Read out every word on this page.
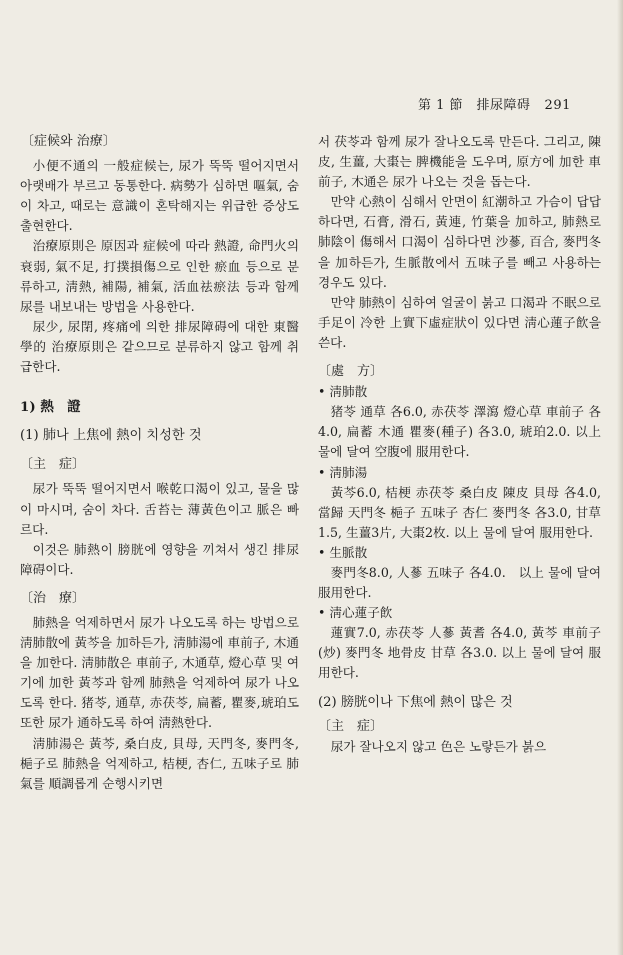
第 1 節　排尿障碍 291
〔症候와 治療〕

小便不通의 一般症候는, 尿가 뚝뚝 떨어지면서 아랫배가 부르고 동통한다. 病勢가 심하면 嘔氣, 숨이 차고, 때로는 意識이 혼탁해지는 위급한 증상도 출현한다.

治療原則은 原因과 症候에 따라 熱證, 命門火의 衰弱, 氣不足, 打撲損傷으로 인한 瘀血 등으로 분류하고, 淸熱, 補陽, 補氣, 活血祛瘀法 등과 함께 尿를 내보내는 방법을 사용한다.

尿少, 尿閉, 疼痛에 의한 排尿障碍에 대한 東醫學的 治療原則은 같으므로 분류하지 않고 함께 취급한다.

1) 熱　證
(1) 肺나 上焦에 熱이 치성한 것
〔主　症〕

尿가 뚝뚝 떨어지면서 喉乾口渴이 있고, 물을 많이 마시며, 숨이 차다. 舌苔는 薄黃色이고 脈은 빠르다.

이것은 肺熱이 膀胱에 영향을 끼쳐서 생긴 排尿障碍이다.

〔治　療〕

肺熱을 억제하면서 尿가 나오도록 하는 방법으로 淸肺散에 黃芩을 加하든가, 淸肺湯에 車前子, 木通을 加한다. 淸肺散은 車前子, 木通草, 燈心草 및 여기에 加한 黃芩과 함께 肺熱을 억제하여 尿가 나오도록 한다. 猪苓, 通草, 赤茯苓, 扁蓄, 瞿麥,琥珀도 또한 尿가 通하도록 하여 淸熱한다.

淸肺湯은 黃芩, 桑白皮, 貝母, 天門冬, 麥門冬, 梔子로 肺熱을 억제하고, 桔梗, 杏仁, 五味子로 肺氣를 順調롭게 순행시키면

서 茯苓과 함께 尿가 잘나오도록 만든다. 그리고, 陳皮, 生薑, 大棗는 脾機能을 도우며, 原方에 加한 車前子, 木通은 尿가 나오는 것을 돕는다.

만약 心熱이 심해서 안면이 紅潮하고 가슴이 답답하다면, 石膏, 滑石, 黃連, 竹葉을 加하고, 肺熱로 肺陰이 傷해서 口渴이 심하다면 沙蔘, 百合, 麥門冬을 加하든가, 生脈散에서 五味子를 빼고 사용하는 경우도 있다.

만약 肺熱이 심하여 얼굴이 붉고 口渴과 不眠으로 手足이 冷한 上實下虛症狀이 있다면 淸心蓮子飮을 쓴다.

〔處　方〕
• 淸肺散

猪苓 通草 各6.0, 赤茯苓 澤瀉 燈心草 車前子 各4.0, 扁蓄 木通 瞿麥(種子) 各3.0, 琥珀2.0. 以上 물에 달여 空腹에 服用한다.

• 淸肺湯

黃芩6.0, 桔梗 赤茯苓 桑白皮 陳皮 貝母 各4.0, 當歸 天門冬 梔子 五味子 杏仁 麥門冬 各3.0, 甘草1.5, 生薑3片, 大棗2枚. 以上 물에 달여 服用한다.

• 生脈散

麥門冬8.0, 人蔘 五味子 各4.0.　以上 물에 달여 服用한다.

• 淸心蓮子飮

蓮實7.0, 赤茯苓 人蔘 黃耆 各4.0, 黃芩 車前子(炒) 麥門冬 地骨皮 甘草 各3.0. 以上 물에 달여 服用한다.

(2) 膀胱이나 下焦에 熱이 많은 것
〔主　症〕

尿가 잘나오지 않고 色은 노랗든가 붉으
